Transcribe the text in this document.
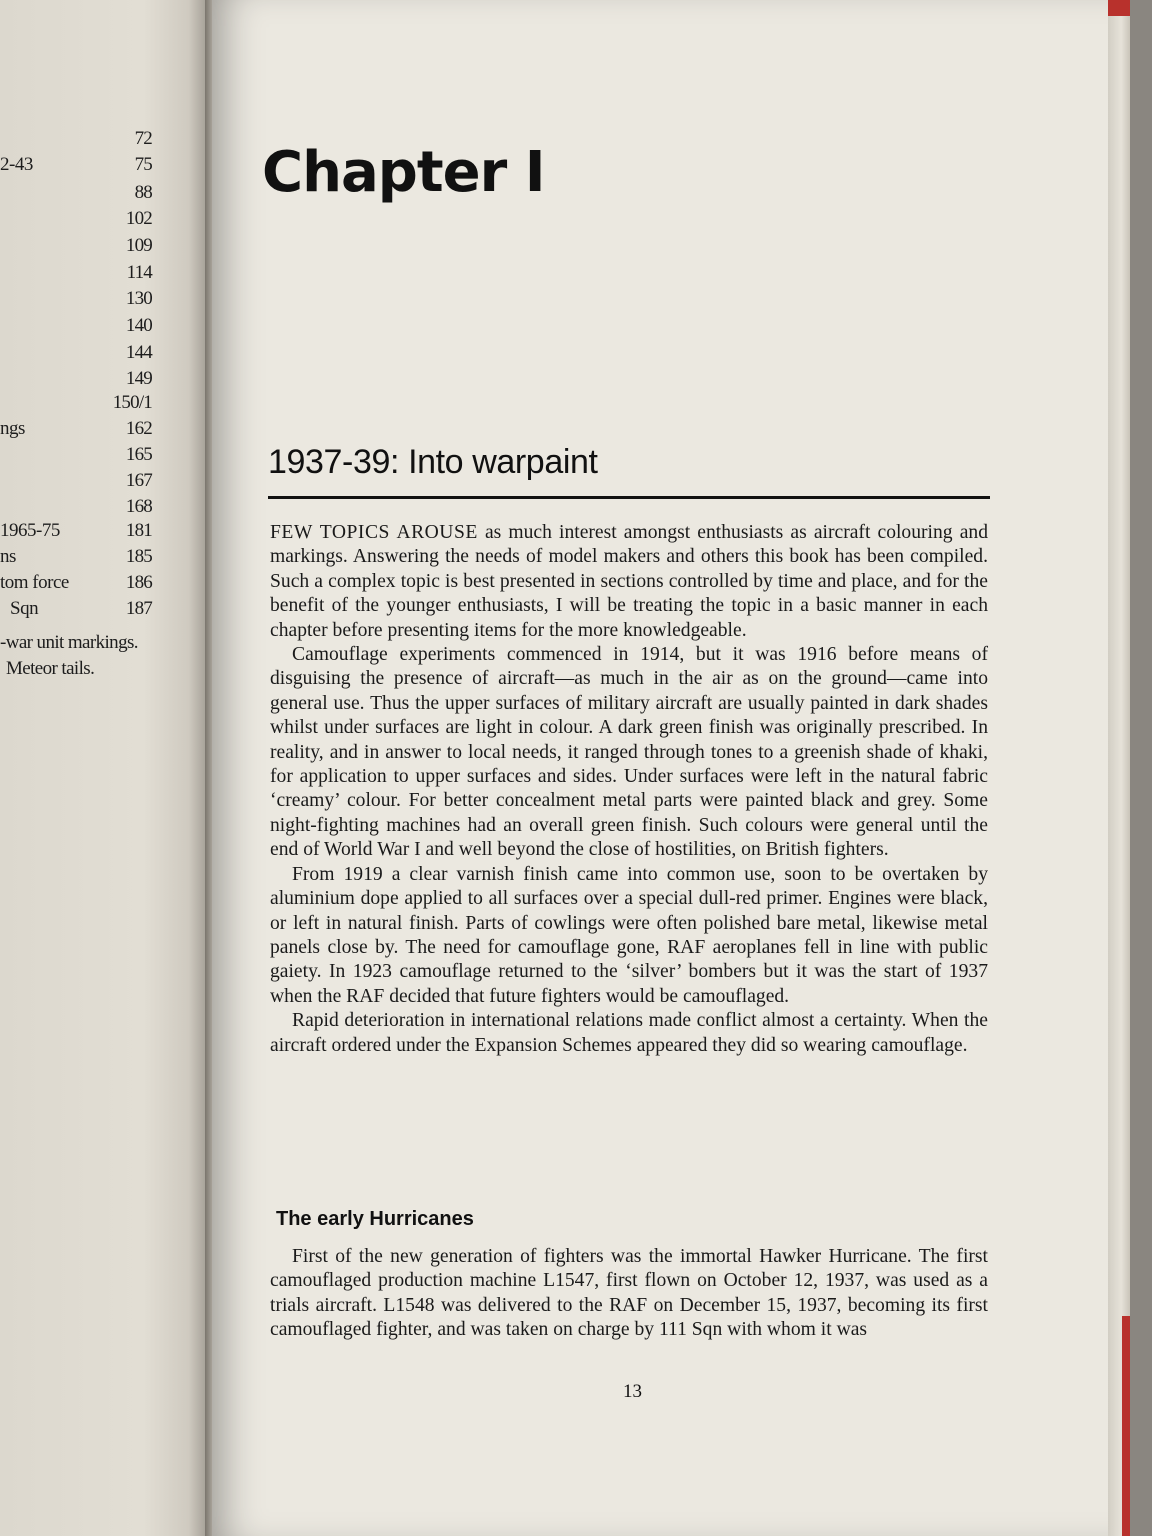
72
2-43	75
88
102
109
114
130
140
144
149
150/1
ngs	162
165
167
168
1965-75	181
ns	185
tom force	186
Sqn	187
-war unit markings.
Meteor tails.
Chapter I
1937-39: Into warpaint

FEW TOPICS AROUSE as much interest amongst enthusiasts as aircraft colouring and markings. Answering the needs of model makers and others this book has been compiled. Such a complex topic is best presented in sections controlled by time and place, and for the benefit of the younger enthusiasts, I will be treating the topic in a basic manner in each chapter before presenting items for the more knowledgeable.

Camouflage experiments commenced in 1914, but it was 1916 before means of disguising the presence of aircraft—as much in the air as on the ground—came into general use. Thus the upper surfaces of military aircraft are usually painted in dark shades whilst under surfaces are light in colour. A dark green finish was originally prescribed. In reality, and in answer to local needs, it ranged through tones to a greenish shade of khaki, for application to upper surfaces and sides. Under surfaces were left in the natural fabric ‘creamy’ colour. For better concealment metal parts were painted black and grey. Some night-fighting machines had an overall green finish. Such colours were general until the end of World War I and well beyond the close of hostilities, on British fighters.

From 1919 a clear varnish finish came into common use, soon to be overtaken by aluminium dope applied to all surfaces over a special dull-red primer. Engines were black, or left in natural finish. Parts of cowlings were often polished bare metal, likewise metal panels close by. The need for camouflage gone, RAF aeroplanes fell in line with public gaiety. In 1923 camouflage returned to the ‘silver’ bombers but it was the start of 1937 when the RAF decided that future fighters would be camouflaged.

Rapid deterioration in international relations made conflict almost a certainty. When the aircraft ordered under the Expansion Schemes appeared they did so wearing camouflage.

The early Hurricanes

First of the new generation of fighters was the immortal Hawker Hurricane. The first camouflaged production machine L1547, first flown on October 12, 1937, was used as a trials aircraft. L1548 was delivered to the RAF on December 15, 1937, becoming its first camouflaged fighter, and was taken on charge by 111 Sqn with whom it was

13
